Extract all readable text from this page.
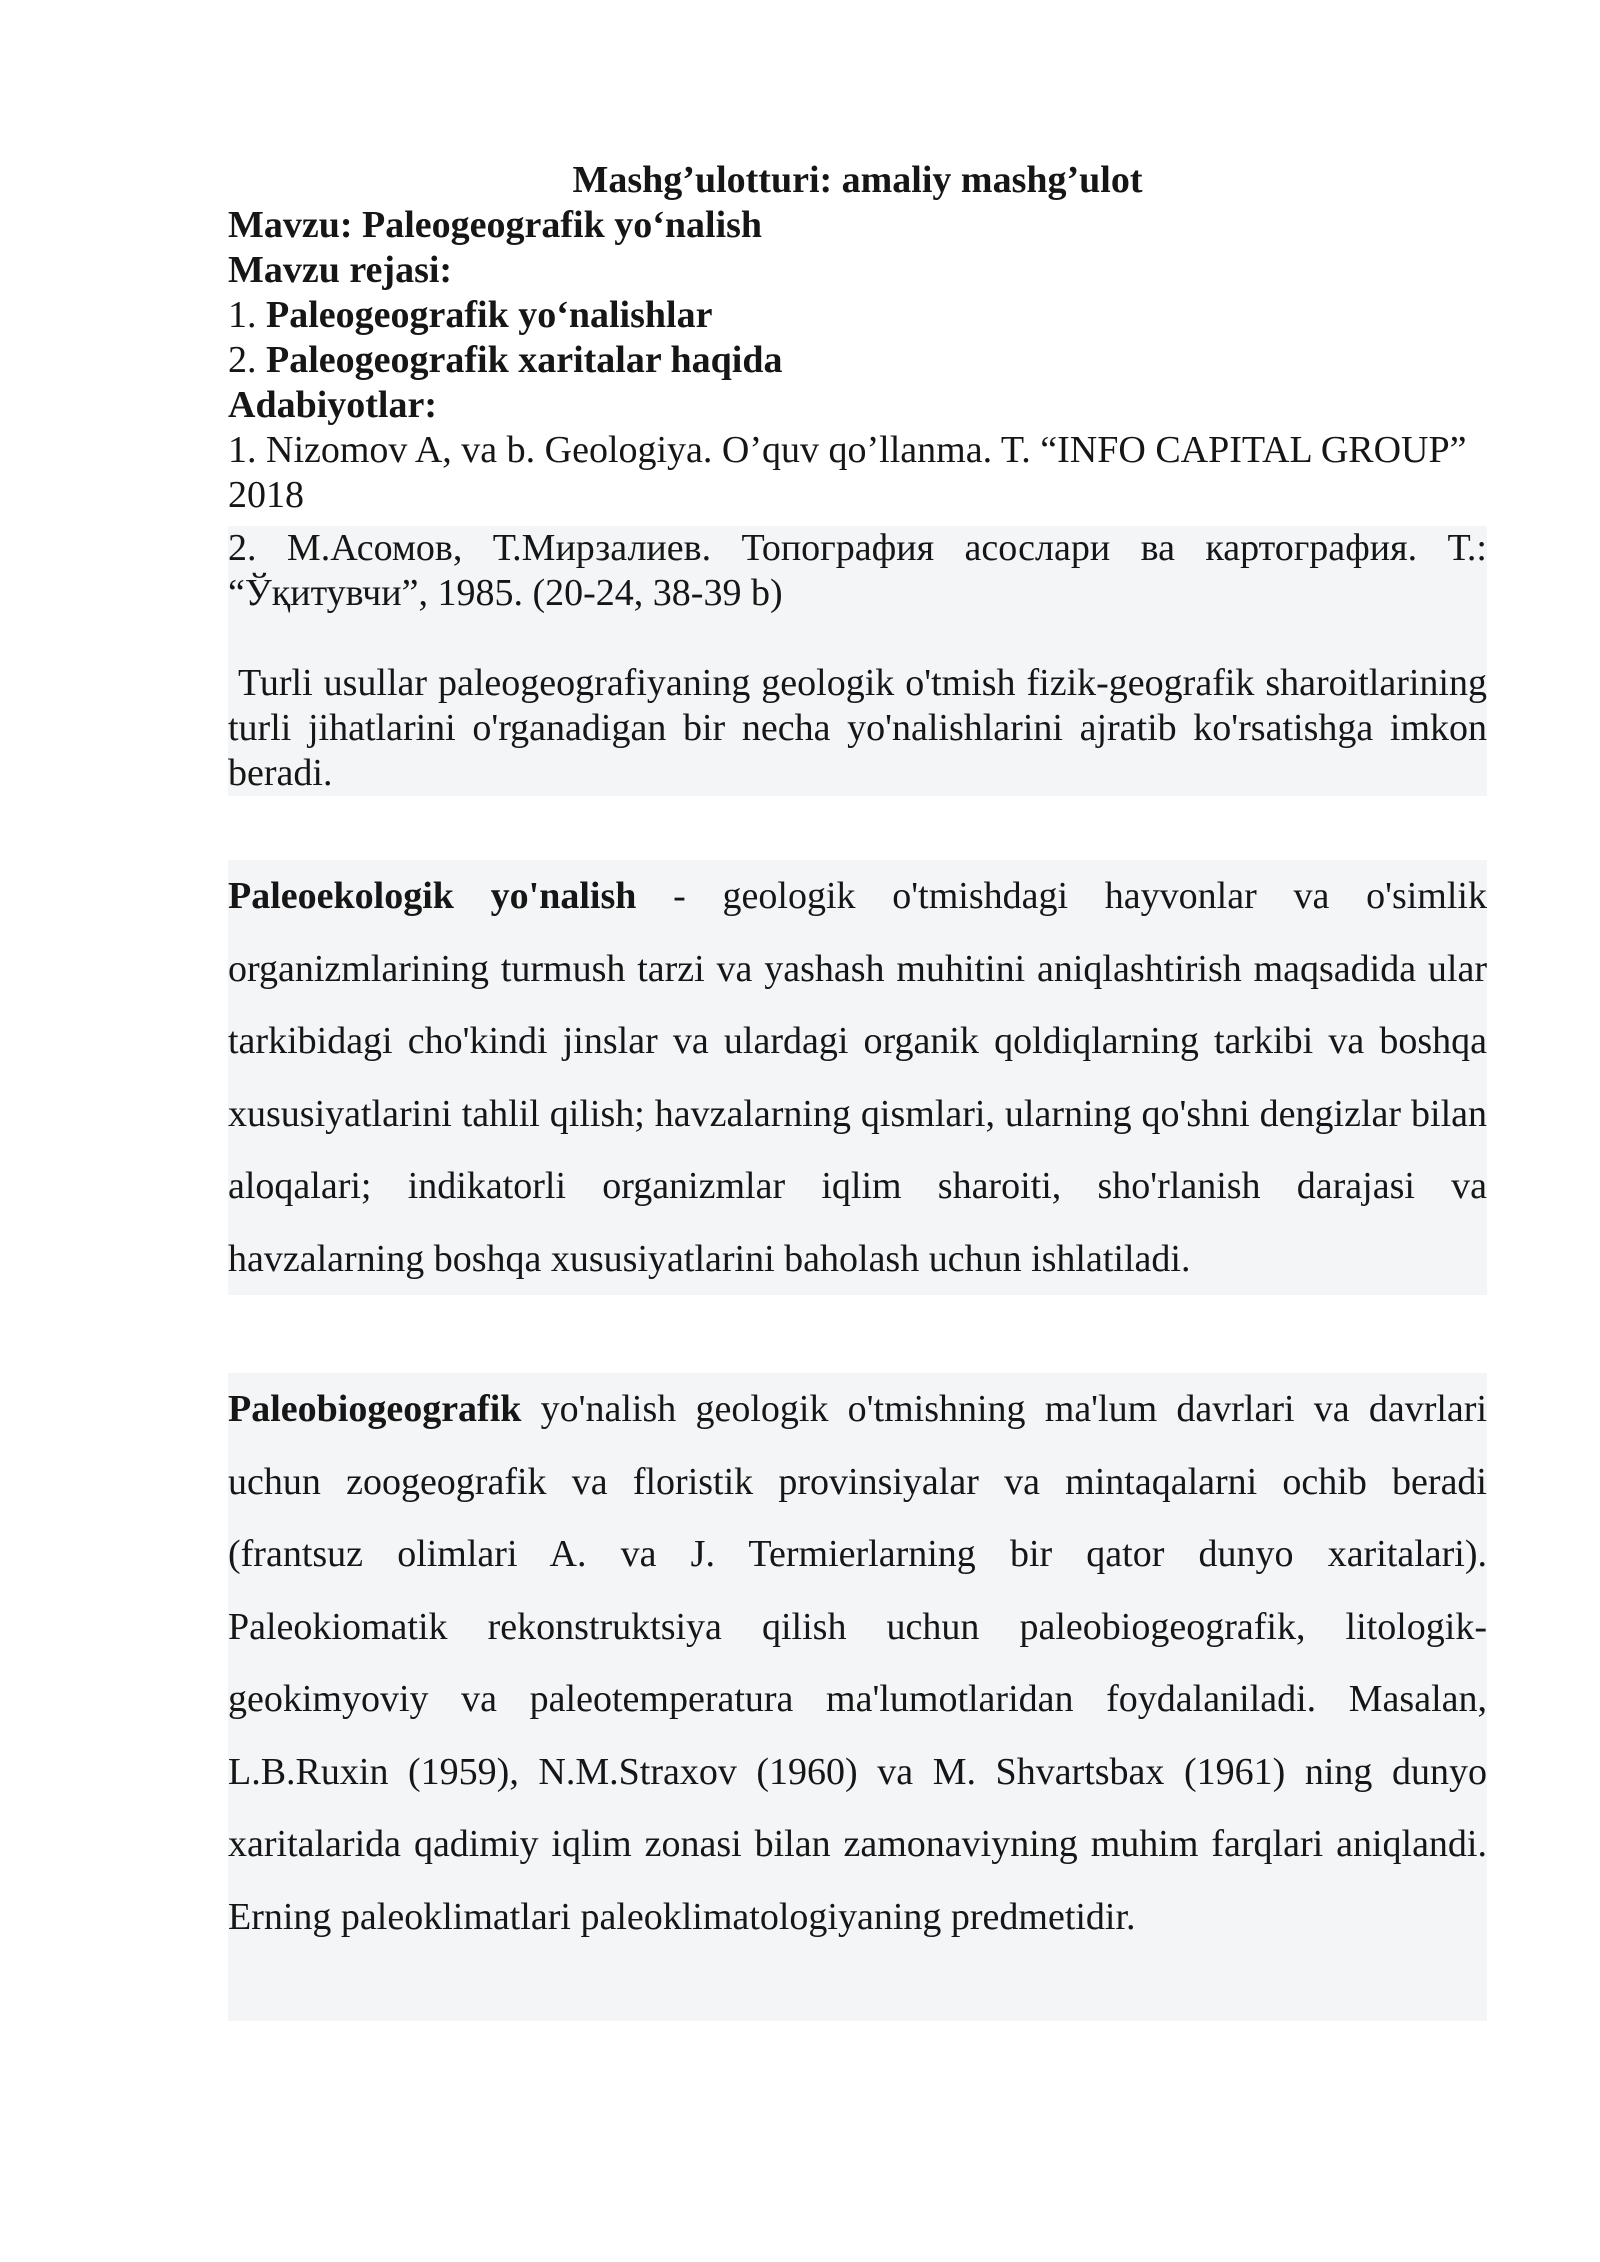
Mashg’ulotturi: amaliy mashg’ulot

Mavzu: Paleogeografik yo‘nalish

Mavzu rejasi:

1. Paleogeografik yo‘nalishlar

2. Paleogeografik xaritalar haqida

Adabiyotlar:

1. Nizomov A, va b. Geologiya. O’quv qo’llanma. T. “INFO CAPITAL GROUP” 2018

2. М.Асомов, Т.Мирзалиев. Топография асослари ва картография. Т.: “Ўқитувчи”, 1985. (20-24, 38-39 b)

Turli usullar paleogeografiyaning geologik o'tmish fizik-geografik sharoitlarining turli jihatlarini o'rganadigan bir necha yo'nalishlarini ajratib ko'rsatishga imkon beradi.

Paleoekologik yo'nalish - geologik o'tmishdagi hayvonlar va o'simlik organizmlarining turmush tarzi va yashash muhitini aniqlashtirish maqsadida ular tarkibidagi cho'kindi jinslar va ulardagi organik qoldiqlarning tarkibi va boshqa xususiyatlarini tahlil qilish; havzalarning qismlari, ularning qo'shni dengizlar bilan aloqalari; indikatorli organizmlar iqlim sharoiti, sho'rlanish darajasi va havzalarning boshqa xususiyatlarini baholash uchun ishlatiladi.
Paleobiogeografik yo'nalish geologik o'tmishning ma'lum davrlari va davrlari uchun zoogeografik va floristik provinsiyalar va mintaqalarni ochib beradi (frantsuz olimlari A. va J. Termierlarning bir qator dunyo xaritalari). Paleokiomatik rekonstruktsiya qilish uchun paleobiogeografik, litologik-geokimyoviy va paleotemperatura ma'lumotlaridan foydalaniladi. Masalan, L.B.Ruxin (1959), N.M.Straxov (1960) va M. Shvartsbax (1961) ning dunyo xaritalarida qadimiy iqlim zonasi bilan zamonaviyning muhim farqlari aniqlandi. Erning paleoklimatlari paleoklimatologiyaning predmetidir.
